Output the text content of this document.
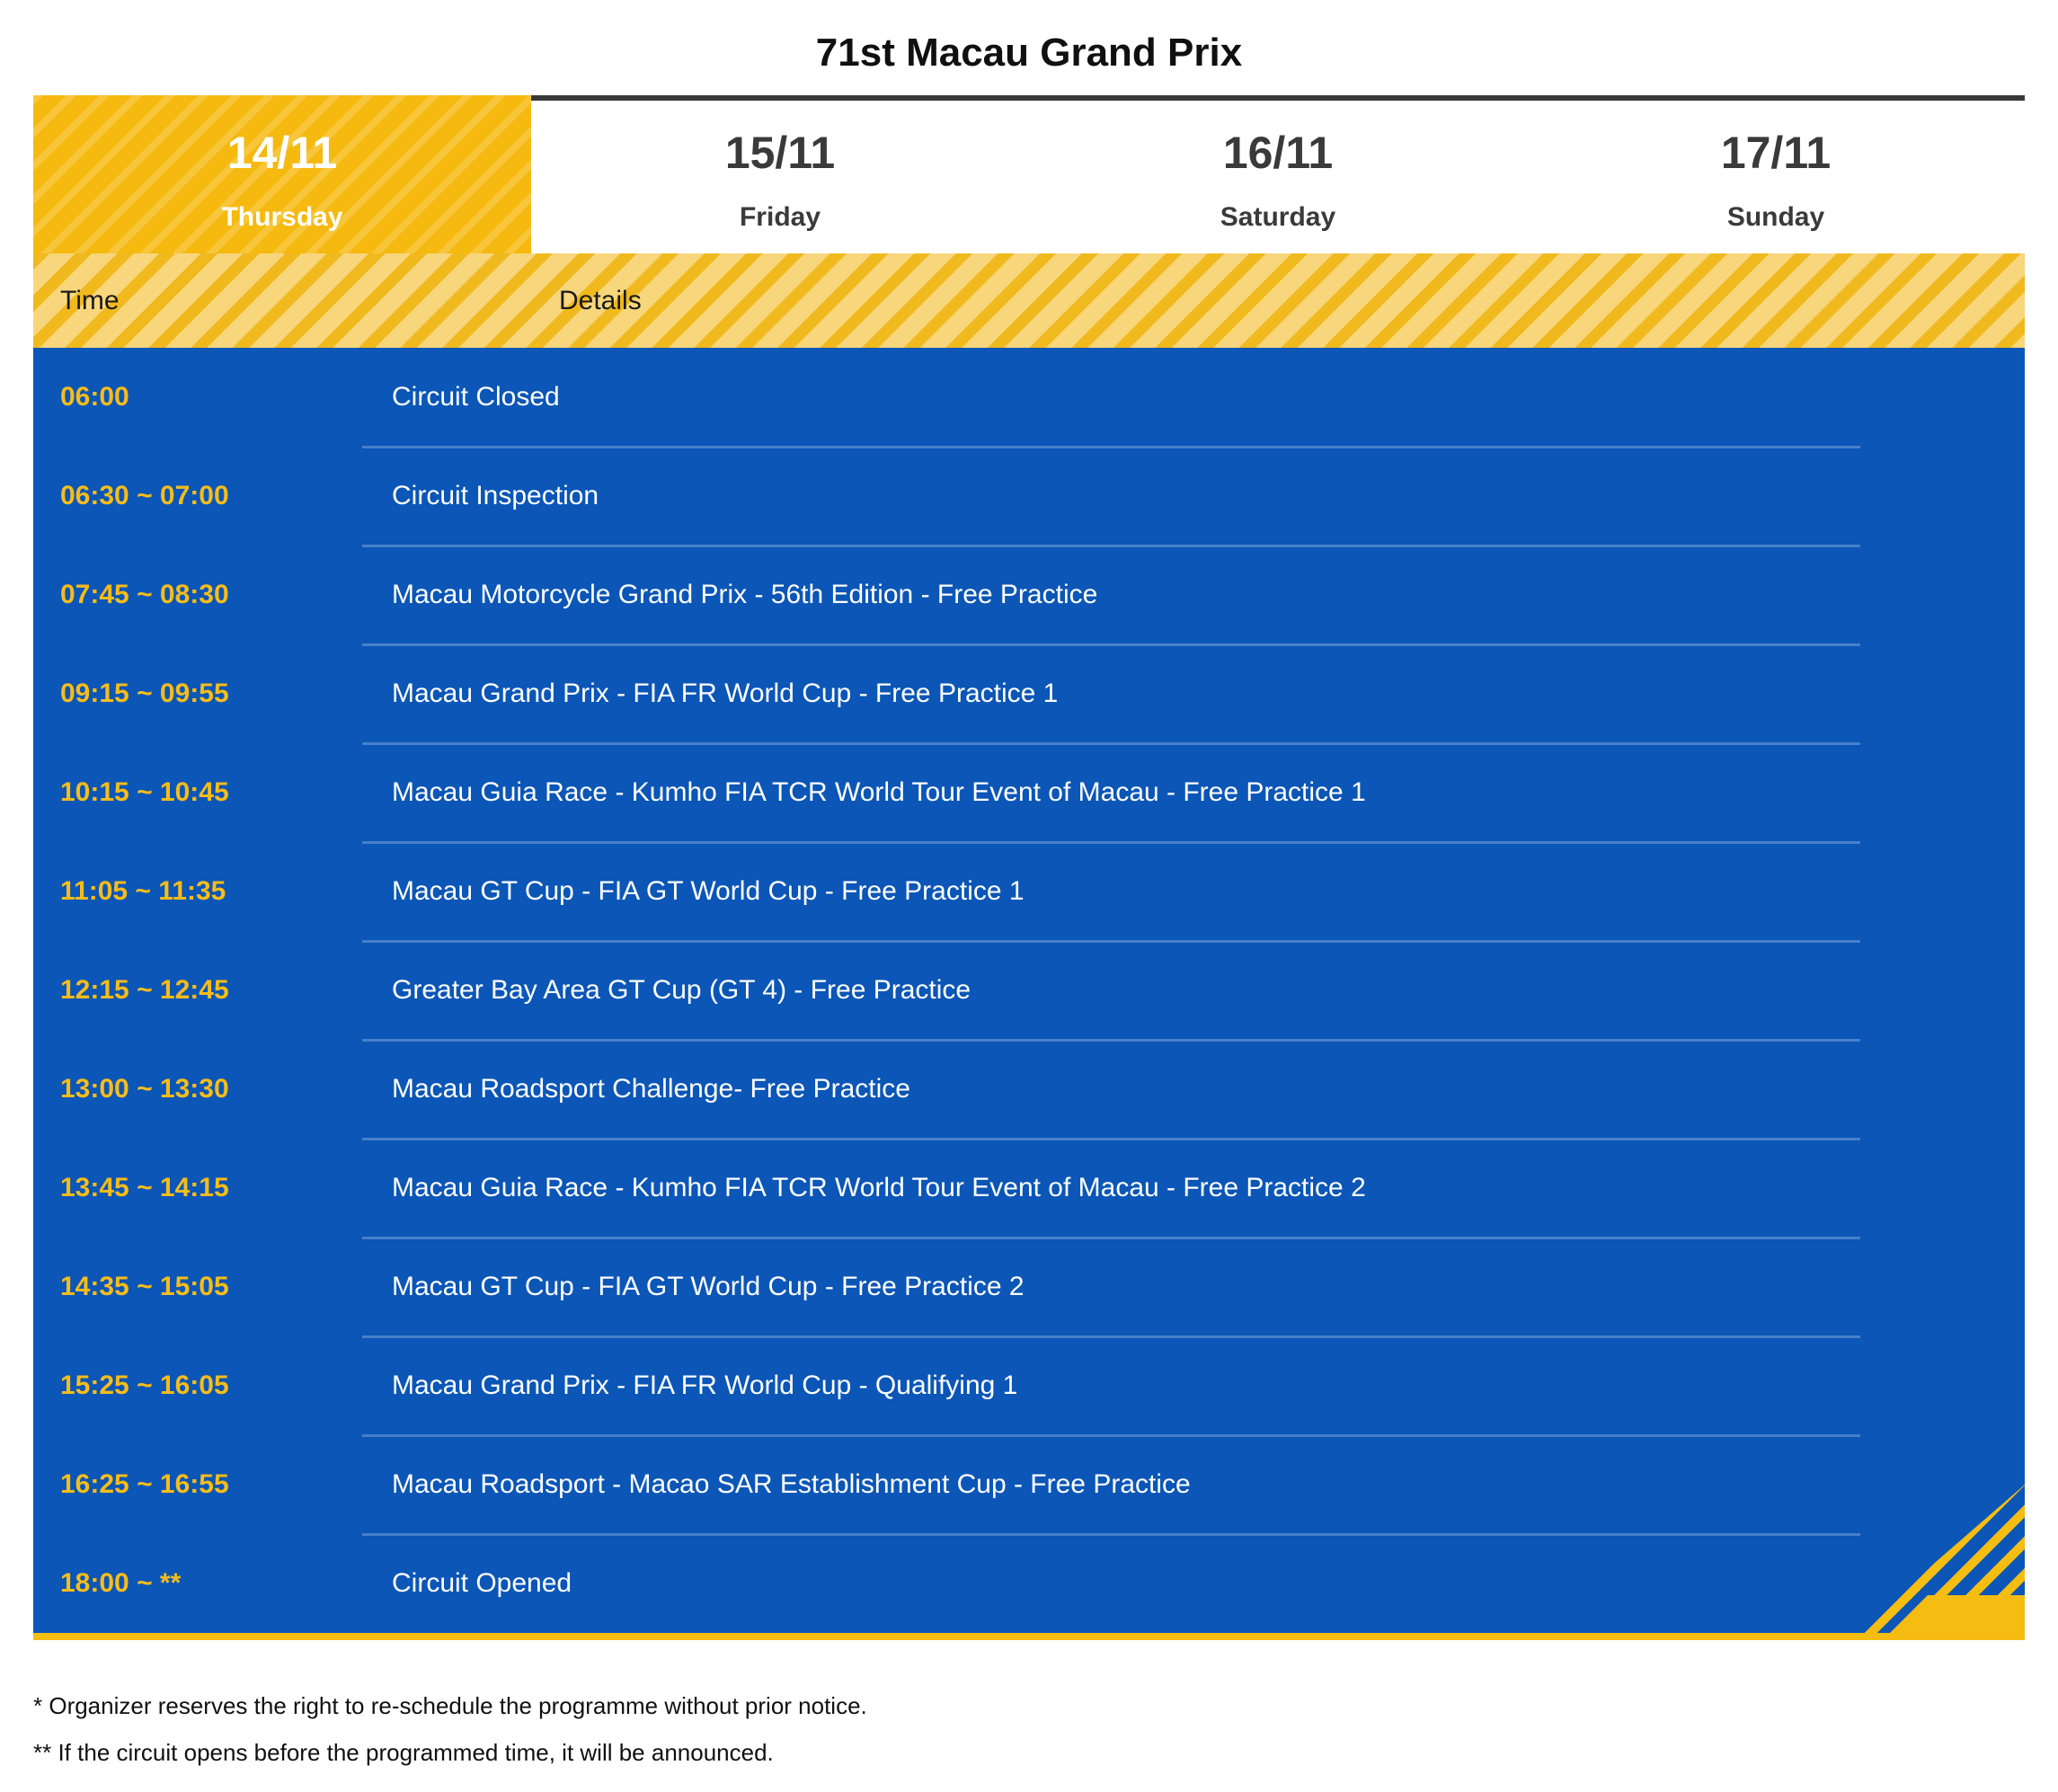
71st Macau Grand Prix
14/11
Thursday
15/11
Friday
16/11
Saturday
17/11
Sunday
Time	Details
06:00	Circuit Closed
06:30 ~ 07:00	Circuit Inspection
07:45 ~ 08:30	Macau Motorcycle Grand Prix - 56th Edition - Free Practice
09:15 ~ 09:55	Macau Grand Prix - FIA FR World Cup - Free Practice 1
10:15 ~ 10:45	Macau Guia Race - Kumho FIA TCR World Tour Event of Macau - Free Practice 1
11:05 ~ 11:35	Macau GT Cup - FIA GT World Cup - Free Practice 1
12:15 ~ 12:45	Greater Bay Area GT Cup (GT 4) - Free Practice
13:00 ~ 13:30	Macau Roadsport Challenge- Free Practice
13:45 ~ 14:15	Macau Guia Race - Kumho FIA TCR World Tour Event of Macau - Free Practice 2
14:35 ~ 15:05	Macau GT Cup - FIA GT World Cup - Free Practice 2
15:25 ~ 16:05	Macau Grand Prix - FIA FR World Cup - Qualifying 1
16:25 ~ 16:55	Macau Roadsport - Macao SAR Establishment Cup - Free Practice
18:00 ~ **	Circuit Opened
* Organizer reserves the right to re-schedule the programme without prior notice.
** If the circuit opens before the programmed time, it will be announced.
